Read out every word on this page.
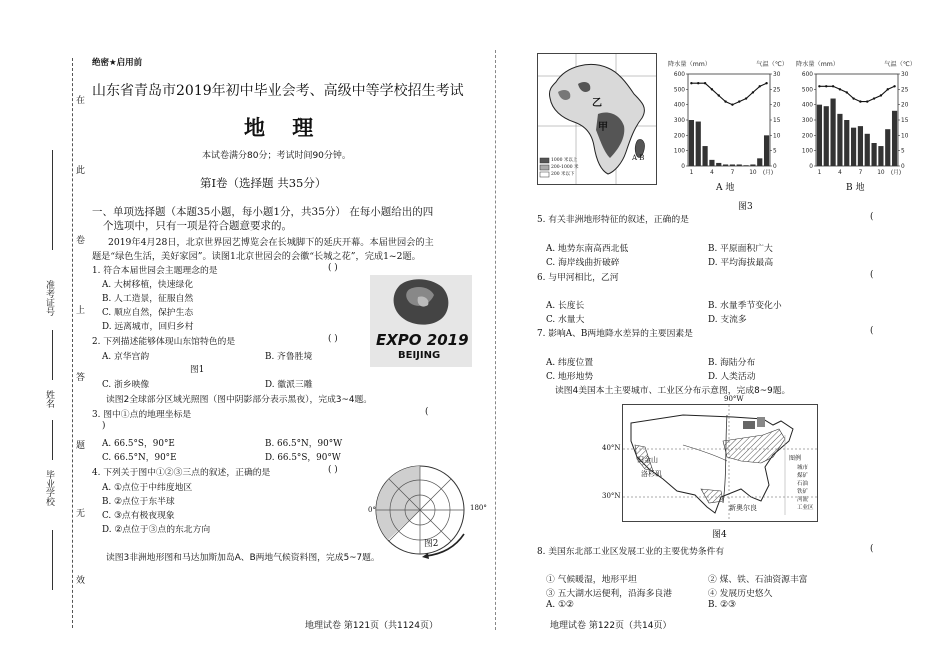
在
此
卷
上
答
题
无
效
准考证号
姓名
毕业学校
绝密★启用前
山东省青岛市2019年初中毕业会考、高级中等学校招生考试
地 理
本试卷满分80分；考试时间90分钟。
第Ⅰ卷（选择题 共35分）
一、单项选择题（本题35小题，每小题1分，共35分） 在每小题给出的四
个选项中，只有一项是符合题意要求的。
2019年4月28日，北京世界园艺博览会在长城脚下的延庆开幕。本届世园会的主
题是“绿色生活，美好家园”。读图1北京世园会的会徽“长城之花”，完成1~2题。
1. 符合本届世园会主题理念的是	( )
A. 大树移植，快速绿化
B. 人工造景，征服自然
C. 顺应自然，保护生态
D. 远离城市，回归乡村
EXPO 2019
BEIJING
2. 下列描述能够体现山东馆特色的是	( )
A. 京华宫韵	B. 齐鲁胜境
图1
C. 浙乡映像	D. 徽派三雕
读图2全球部分区域光照图（图中阴影部分表示黑夜），完成3~4题。
3. 图中①点的地理坐标是	(
)
A. 66.5°S，90°E	B. 66.5°N，90°W
C. 66.5°N，90°E	D. 66.5°S，90°W
4. 下列关于图中①②③三点的叙述，正确的是	( )
A. ①点位于中纬度地区
B. ②点位于东半球
C. ③点有极夜现象
D. ②点位于③点的东北方向
0°	180°
图2
读图3非洲地形图和马达加斯加岛A、B两地气候资料图，完成5~7题。
地理试卷 第121页（共1124页）
甲
乙
A B
1000 米以上
200-1000 米
200 米以下
降水量（mm）	气温（℃）
0
100
200
300
400
500
600
0
5
10
15
20
25
30
1	4	7	10 (月)
降水量（mm）	气温（℃）
0
100
200
300
400
500
600
0
5
10
15
20
25
30
1	4	7	10 (月)
A 地	B 地
图3
5. 有关非洲地形特征的叙述，正确的是	(
A. 地势东南高西北低	B. 平原面积广大
C. 海岸线曲折破碎	D. 平均海拔最高
6. 与甲河相比，乙河	(
A. 长度长	B. 水量季节变化小
C. 水量大	D. 支流多
7. 影响A、B两地降水差异的主要因素是	(
A. 纬度位置	B. 海陆分布
C. 地形地势	D. 人类活动
读图4美国本土主要城市、工业区分布示意图，完成8~9题。
旧金山
洛杉矶
新奥尔良
图例
城市
煤矿
石油
铁矿
河流
工业区
90°W
40°N
30°N
图4
8. 美国东北部工业区发展工业的主要优势条件有	(
① 气候暖湿，地形平坦	② 煤、铁、石油资源丰富
③ 五大湖水运便利，沿海多良港	④ 发展历史悠久
A. ①②	B. ②③
地理试卷 第122页（共14页）
